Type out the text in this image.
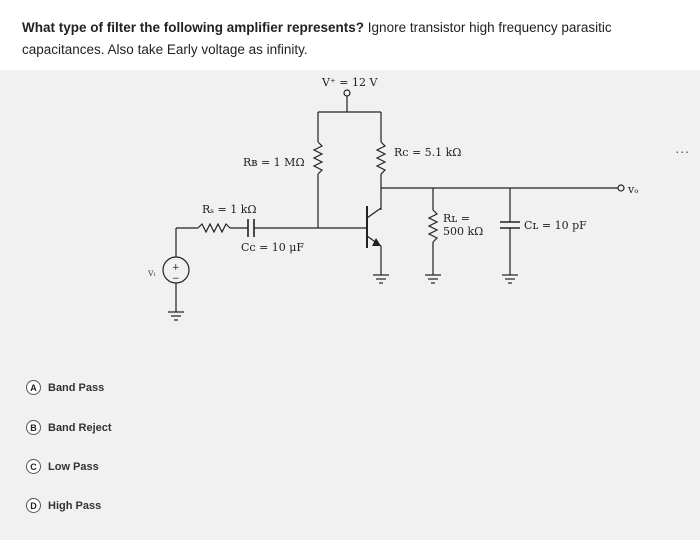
What type of filter the following amplifier represents? Ignore transistor high frequency parasitic capacitances. Also take Early voltage as infinity.
V⁺ = 12 V
Rʙ = 1 MΩ
Rᴄ = 5.1 kΩ
Rₛ = 1 kΩ
Cᴄ = 10 μF
Rʟ =
500 kΩ	Cʟ = 10 pF
vₒ
vᵢ +
−
...
A	Band Pass
B	Band Reject
C	Low Pass
D	High Pass
